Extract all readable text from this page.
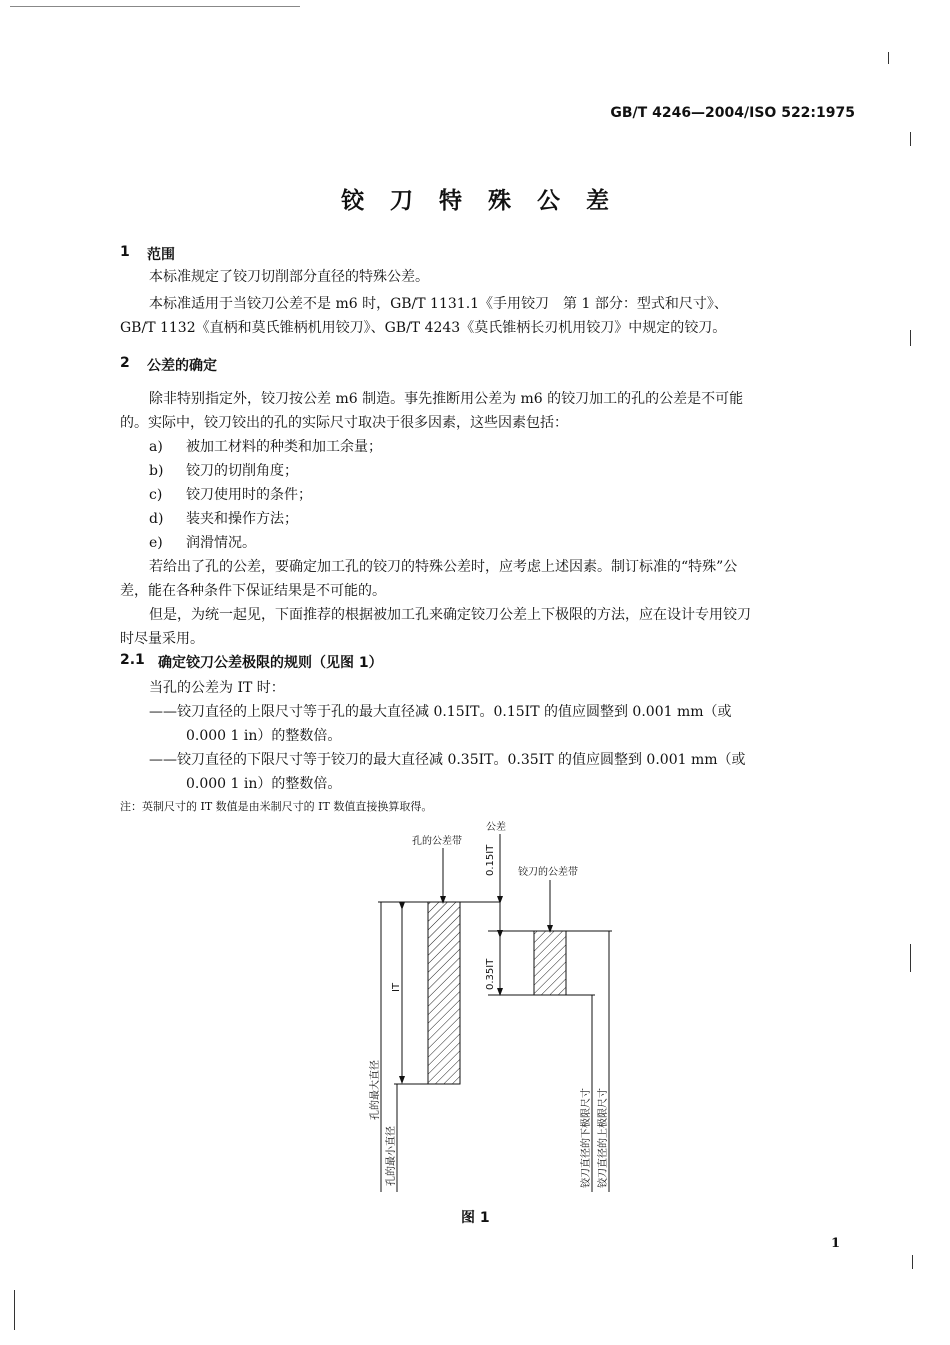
GB/T 4246—2004/ISO 522:1975
铰刀特殊公差
1 范围
本标准规定了铰刀切削部分直径的特殊公差。
本标准适用于当铰刀公差不是 m6 时，GB/T 1131.1《手用铰刀　第 1 部分：型式和尺寸》、
GB/T 1132《直柄和莫氏锥柄机用铰刀》、GB/T 4243《莫氏锥柄长刃机用铰刀》中规定的铰刀。
2 公差的确定
除非特别指定外，铰刀按公差 m6 制造。事先推断用公差为 m6 的铰刀加工的孔的公差是不可能
的。实际中，铰刀铰出的孔的实际尺寸取决于很多因素，这些因素包括：
a) 被加工材料的种类和加工余量；
b) 铰刀的切削角度；
c) 铰刀使用时的条件；
d) 装夹和操作方法；
e) 润滑情况。
若给出了孔的公差，要确定加工孔的铰刀的特殊公差时，应考虑上述因素。制订标准的“特殊”公
差，能在各种条件下保证结果是不可能的。
但是，为统一起见，下面推荐的根据被加工孔来确定铰刀公差上下极限的方法，应在设计专用铰刀
时尽量采用。
2.1 确定铰刀公差极限的规则（见图 1）
当孔的公差为 IT 时：
——铰刀直径的上限尺寸等于孔的最大直径减 0.15IT。0.15IT 的值应圆整到 0.001 mm（或
0.000 1 in）的整数倍。
——铰刀直径的下限尺寸等于铰刀的最大直径减 0.35IT。0.35IT 的值应圆整到 0.001 mm（或
0.000 1 in）的整数倍。
注：英制尺寸的 IT 数值是由米制尺寸的 IT 数值直接换算取得。
孔的公差带
公差
0.15IT 铰刀的公差带
0.35IT
IT
孔的最大直径
孔的最小直径	铰刀直径的下极限尺寸 铰刀直径的上极限尺寸
图 1
1
